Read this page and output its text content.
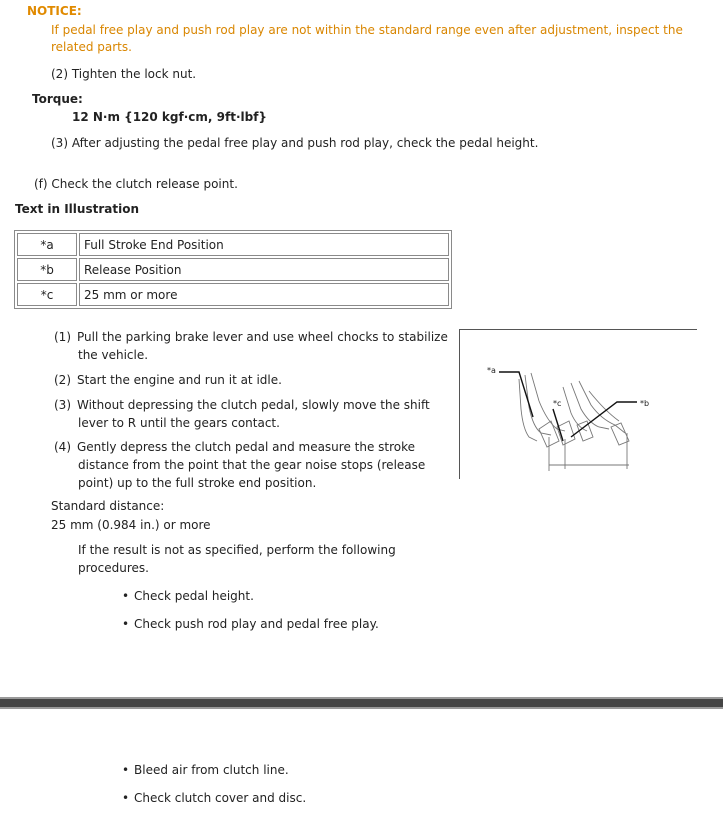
NOTICE:
If pedal free play and push rod play are not within the standard range even after adjustment, inspect the related parts.
(2) Tighten the lock nut.
Torque:
12 N·m {120 kgf·cm, 9ft·lbf}
(3) After adjusting the pedal free play and push rod play, check the pedal height.
(f) Check the clutch release point.
Text in Illustration
*a	Full Stroke End Position
*b	Release Position
*c	25 mm or more
(1) Pull the parking brake lever and use wheel chocks to stabilize
the vehicle.
(2) Start the engine and run it at idle.
(3) Without depressing the clutch pedal, slowly move the shift
lever to R until the gears contact.
(4) Gently depress the clutch pedal and measure the stroke
distance from the point that the gear noise stops (release
point) up to the full stroke end position.
*a
*b
*c
Standard distance:
25 mm (0.984 in.) or more
If the result is not as specified, perform the following
procedures.
• Check pedal height.
• Check push rod play and pedal free play.
• Bleed air from clutch line.
• Check clutch cover and disc.
